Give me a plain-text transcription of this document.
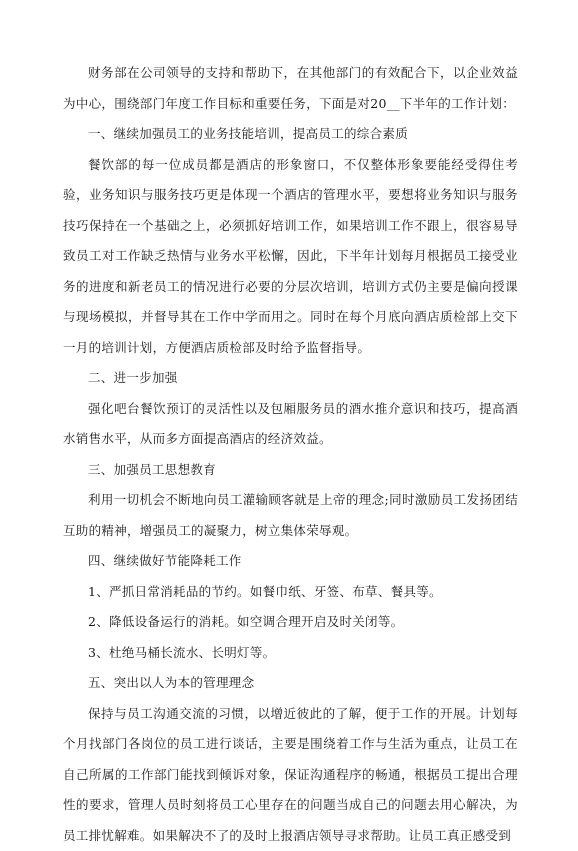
财务部在公司领导的支持和帮助下，在其他部门的有效配合下，以企业效益为中心，围绕部门年度工作目标和重要任务，下面是对20__下半年的工作计划：

一、继续加强员工的业务技能培训，提高员工的综合素质

餐饮部的每一位成员都是酒店的形象窗口，不仅整体形象要能经受得住考验，业务知识与服务技巧更是体现一个酒店的管理水平，要想将业务知识与服务技巧保持在一个基础之上，必须抓好培训工作，如果培训工作不跟上，很容易导致员工对工作缺乏热情与业务水平松懈，因此，下半年计划每月根据员工接受业务的进度和新老员工的情况进行必要的分层次培训，培训方式仍主要是偏向授课与现场模拟，并督导其在工作中学而用之。同时在每个月底向酒店质检部上交下一月的培训计划，方便酒店质检部及时给予监督指导。

二、进一步加强

强化吧台餐饮预订的灵活性以及包厢服务员的酒水推介意识和技巧，提高酒水销售水平，从而多方面提高酒店的经济效益。

三、加强员工思想教育

利用一切机会不断地向员工灌输顾客就是上帝的理念;同时激励员工发扬团结互助的精神，增强员工的凝聚力，树立集体荣辱观。

四、继续做好节能降耗工作

1、严抓日常消耗品的节约。如餐巾纸、牙签、布草、餐具等。

2、降低设备运行的消耗。如空调合理开启及时关闭等。

3、杜绝马桶长流水、长明灯等。

五、突出以人为本的管理理念

保持与员工沟通交流的习惯，以增近彼此的了解，便于工作的开展。计划每个月找部门各岗位的员工进行谈话，主要是围绕着工作与生活为重点，让员工在自己所属的工作部门能找到倾诉对象，保证沟通程序的畅通，根据员工提出合理性的要求，管理人员时刻将员工心里存在的问题当成自己的问题去用心解决，为员工排忧解难。如果解决不了的及时上报酒店领导寻求帮助。让员工真正感受到
